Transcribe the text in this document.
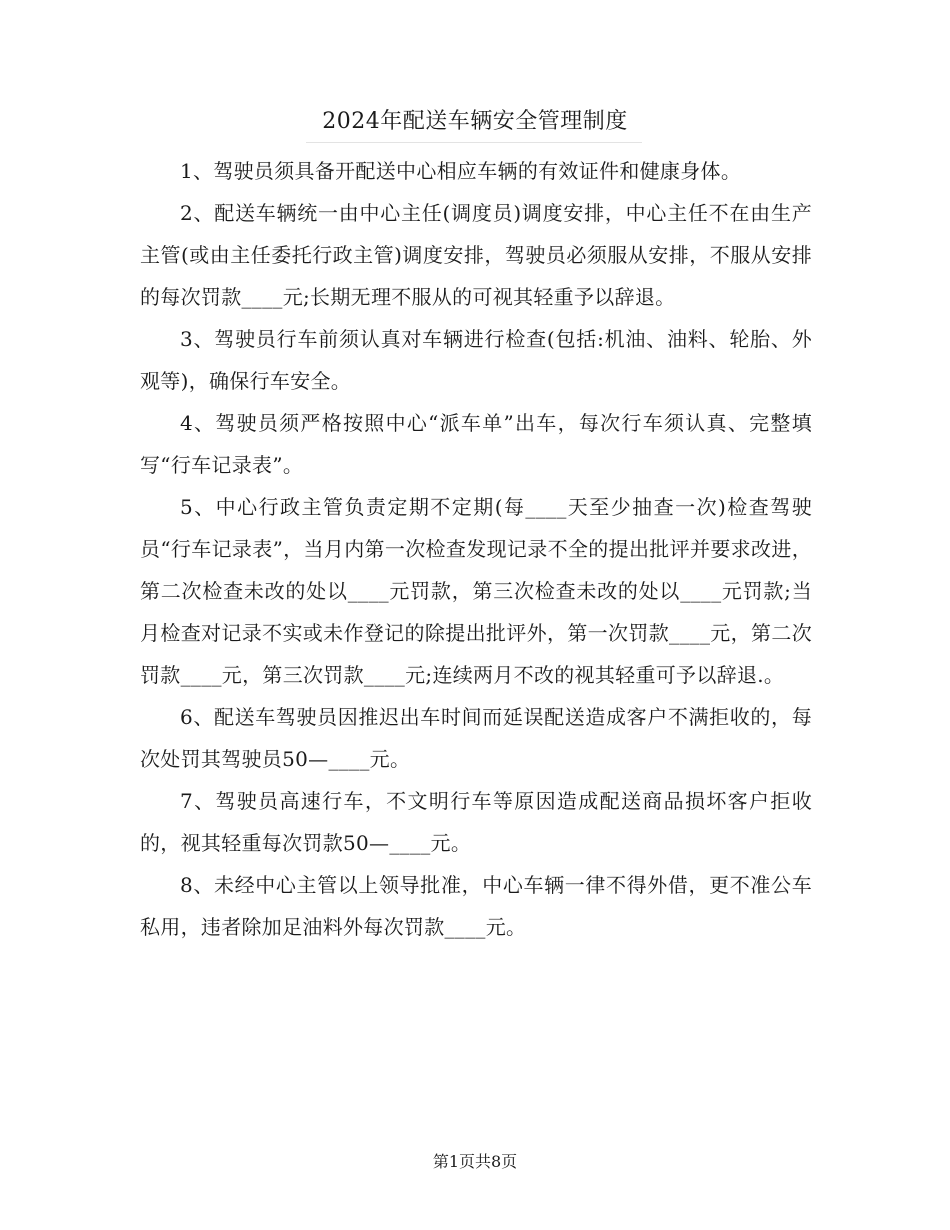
2024年配送车辆安全管理制度

1、驾驶员须具备开配送中心相应车辆的有效证件和健康身体。

2、配送车辆统一由中心主任(调度员)调度安排，中心主任不在由生产主管(或由主任委托行政主管)调度安排，驾驶员必须服从安排，不服从安排的每次罚款____元;长期无理不服从的可视其轻重予以辞退。

3、驾驶员行车前须认真对车辆进行检查(包括:机油、油料、轮胎、外观等)，确保行车安全。

4、驾驶员须严格按照中心“派车单”出车，每次行车须认真、完整填写“行车记录表”。

5、中心行政主管负责定期不定期(每____天至少抽查一次)检查驾驶员“行车记录表”，当月内第一次检查发现记录不全的提出批评并要求改进，第二次检查未改的处以____元罚款，第三次检查未改的处以____元罚款;当月检查对记录不实或未作登记的除提出批评外，第一次罚款____元，第二次罚款____元，第三次罚款____元;连续两月不改的视其轻重可予以辞退.。

6、配送车驾驶员因推迟出车时间而延误配送造成客户不满拒收的，每次处罚其驾驶员50—____元。

7、驾驶员高速行车，不文明行车等原因造成配送商品损坏客户拒收的，视其轻重每次罚款50—____元。

8、未经中心主管以上领导批准，中心车辆一律不得外借，更不准公车私用，违者除加足油料外每次罚款____元。

第1页共8页
